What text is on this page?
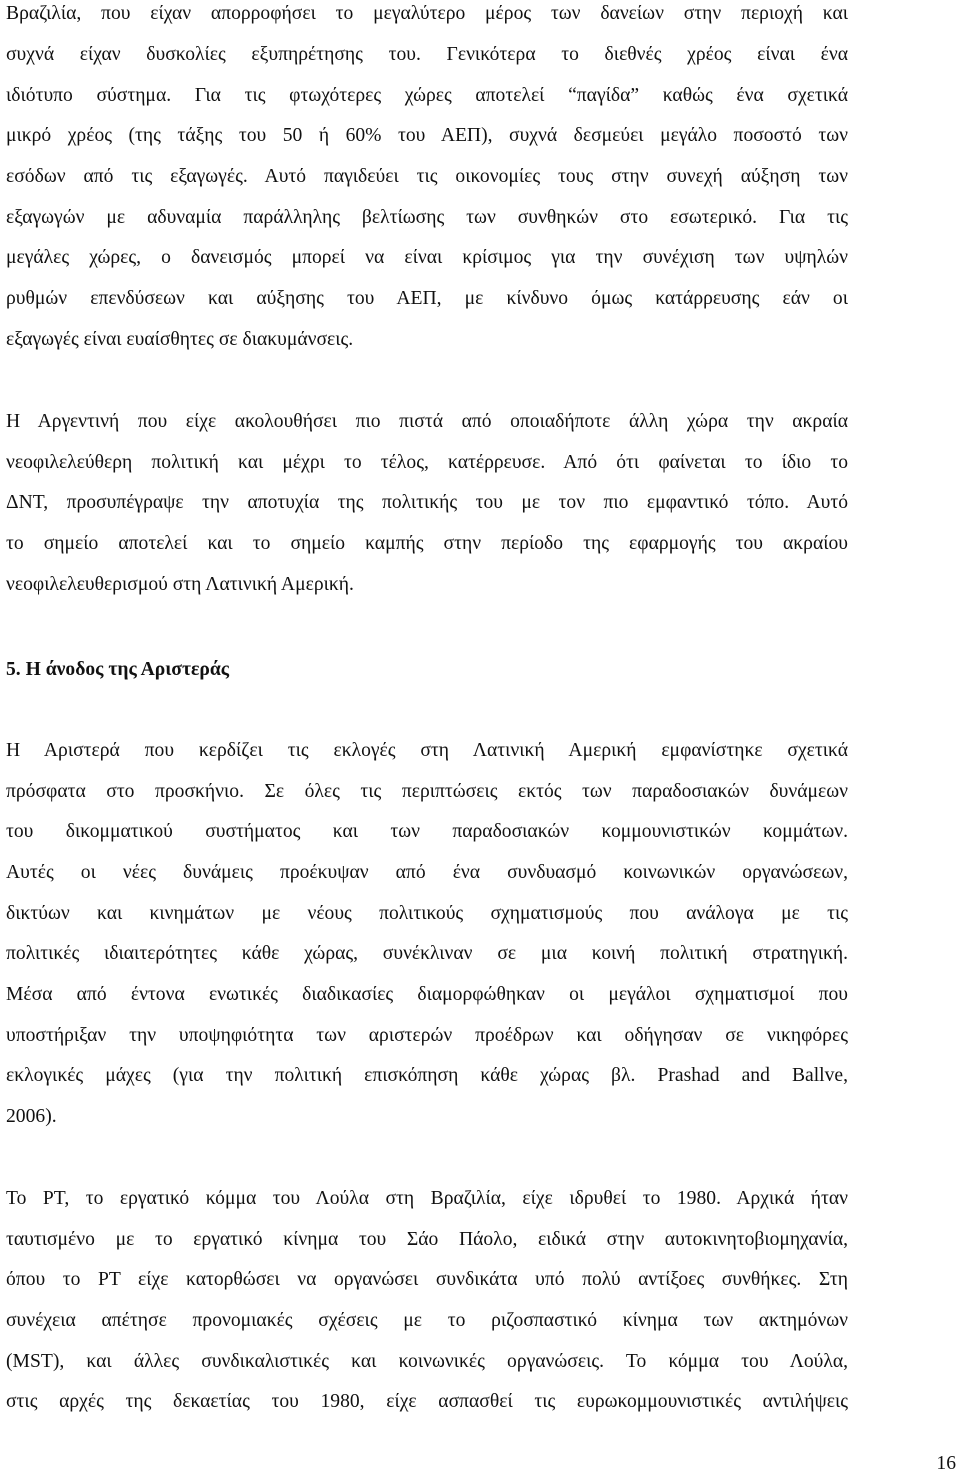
Βραζιλία, που είχαν απορροφήσει το μεγαλύτερο μέρος των δανείων στην περιοχή και
συχνά είχαν δυσκολίες εξυπηρέτησης του. Γενικότερα το διεθνές χρέος είναι ένα
ιδιότυπο σύστημα. Για τις φτωχότερες χώρες αποτελεί “παγίδα” καθώς ένα σχετικά
μικρό χρέος (της τάξης του 50 ή 60% του ΑΕΠ), συχνά δεσμεύει μεγάλο ποσοστό των
εσόδων από τις εξαγωγές. Αυτό παγιδεύει τις οικονομίες τους στην συνεχή αύξηση των
εξαγωγών με αδυναμία παράλληλης βελτίωσης των συνθηκών στο εσωτερικό. Για τις
μεγάλες χώρες, ο δανεισμός μπορεί να είναι κρίσιμος για την συνέχιση των υψηλών
ρυθμών επενδύσεων και αύξησης του ΑΕΠ, με κίνδυνο όμως κατάρρευσης εάν οι
εξαγωγές είναι ευαίσθητες σε διακυμάνσεις.
Η Αργεντινή που είχε ακολουθήσει πιο πιστά από οποιαδήποτε άλλη χώρα την ακραία
νεοφιλελεύθερη πολιτική και μέχρι το τέλος, κατέρρευσε. Από ότι φαίνεται το ίδιο το
ΔΝΤ, προσυπέγραψε την αποτυχία της πολιτικής του με τον πιο εμφαντικό τόπο. Αυτό
το σημείο αποτελεί και το σημείο καμπής στην περίοδο της εφαρμογής του ακραίου
νεοφιλελευθερισμού στη Λατινική Αμερική.
5. Η άνοδος της Αριστεράς
Η Αριστερά που κερδίζει τις εκλογές στη Λατινική Αμερική εμφανίστηκε σχετικά
πρόσφατα στο προσκήνιο. Σε όλες τις περιπτώσεις εκτός των παραδοσιακών δυνάμεων
του δικομματικού συστήματος και των παραδοσιακών κομμουνιστικών κομμάτων.
Αυτές οι νέες δυνάμεις προέκυψαν από ένα συνδυασμό κοινωνικών οργανώσεων,
δικτύων και κινημάτων με νέους πολιτικούς σχηματισμούς που ανάλογα με τις
πολιτικές ιδιαιτερότητες κάθε χώρας, συνέκλιναν σε μια κοινή πολιτική στρατηγική.
Μέσα από έντονα ενωτικές διαδικασίες διαμορφώθηκαν οι μεγάλοι σχηματισμοί που
υποστήριξαν την υποψηφιότητα των αριστερών προέδρων και οδήγησαν σε νικηφόρες
εκλογικές μάχες (για την πολιτική επισκόπηση κάθε χώρας βλ. Prashad and Ballve,
2006).
Το PT, το εργατικό κόμμα του Λούλα στη Βραζιλία, είχε ιδρυθεί το 1980. Αρχικά ήταν
ταυτισμένο με το εργατικό κίνημα του Σάο Πάολο, ειδικά στην αυτοκινητοβιομηχανία,
όπου το PT είχε κατορθώσει να οργανώσει συνδικάτα υπό πολύ αντίξοες συνθήκες. Στη
συνέχεια απέτησε προνομιακές σχέσεις με το ριζοσπαστικό κίνημα των ακτημόνων
(MST), και άλλες συνδικαλιστικές και κοινωνικές οργανώσεις. Το κόμμα του Λούλα,
στις αρχές της δεκαετίας του 1980, είχε ασπασθεί τις ευρωκομμουνιστικές αντιλήψεις
16
